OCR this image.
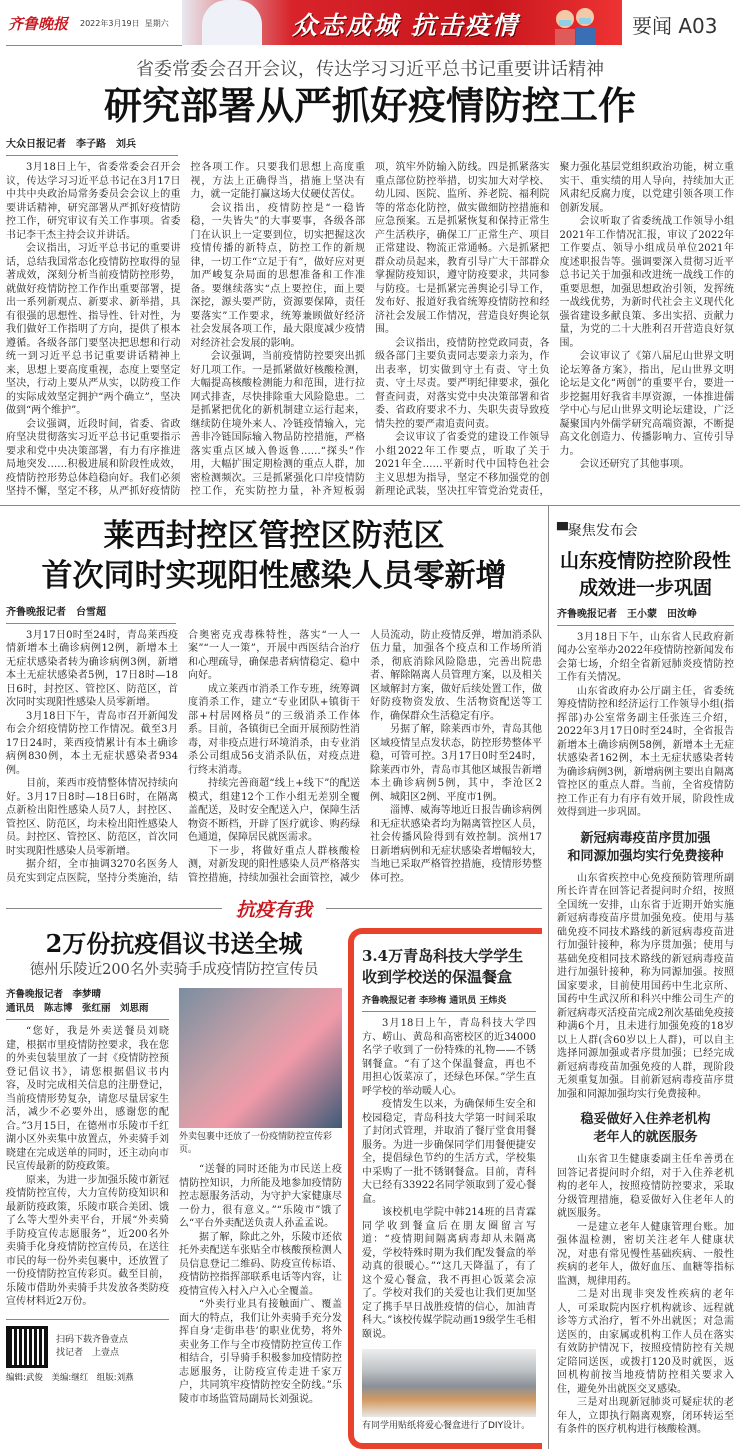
齐鲁晚报 2022年3月19日 星期六	众志成城 抗击疫情	要闻 A03
省委常委会召开会议，传达学习习近平总书记重要讲话精神
研究部署从严抓好疫情防控工作
大众日报记者　李子路　刘兵

3月18日上午，省委常委会召开会议，传达学习习近平总书记在3月17日中共中央政治局常务委员会会议上的重要讲话精神，研究部署从严抓好疫情防控工作，研究审议有关工作事项。省委书记李干杰主持会议并讲话。

会议指出，习近平总书记的重要讲话，总结我国常态化疫情防控取得的显著成效，深刻分析当前疫情防控形势，就做好疫情防控工作作出重要部署，提出一系列新观点、新要求、新举措，具有很强的思想性、指导性、针对性，为我们做好工作指明了方向，提供了根本遵循。各级各部门要坚决把思想和行动统一到习近平总书记重要讲话精神上来，思想上要高度重视，态度上要坚定坚决，行动上要从严从实，以防疫工作的实际成效坚定拥护“两个确立”，坚决做到“两个维护”。

会议强调，近段时间，省委、省政府坚决贯彻落实习近平总书记重要指示要求和党中央决策部署，有力有序推进局地突发……积极进展和阶段性成效，疫情防控形势总体趋稳向好。我们必须坚持不懈，坚定不移，从严抓好疫情防控各项工作。只要我们思想上高度重视，方法上正确得当，措施上坚决有力，就一定能打赢这场大仗硬仗苦仗。

会议指出，疫情防控是“一稳皆稳，一失皆失”的大事要事，各级各部门在认识上一定要到位，切实把握这次疫情传播的新特点，防控工作的新规律，一切工作“立足于有”，做好应对更加严峻复杂局面的思想准备和工作准备。要继续落实“点上要控住，面上要深挖，源头要严防，资源要保障，责任要落实”工作要求，统筹兼顾做好经济社会发展各项工作，最大限度减少疫情对经济社会发展的影响。

会议强调，当前疫情防控要突出抓好几项工作。一是抓紧做好核酸检测，大幅提高核酸检测能力和范围，进行拉网式排查，尽快排除重大风险隐患。二是抓紧把优化的新机制建立运行起来，继续防住境外来人、冷链疫情输入，完善非冷链国际输入物品防控措施，严格落实重点区域入鲁返鲁……“探头”作用，大幅扩围定期检测的重点人群，加密检测频次。三是抓紧强化口岸疫情防控工作，充实防控力量，补齐短板弱项，筑牢外防输入防线。四是抓紧落实重点部位防控举措，切实加大对学校、幼儿园、医院、监所、养老院、福利院等的常态化防控，做实做细防控措施和应急预案。五是抓紧恢复和保持正常生产生活秩序，确保工厂正常生产、项目正常建设、物流正常通畅。六是抓紧把群众动员起来，教育引导广大干部群众掌握防疫知识，遵守防疫要求，共同参与防疫。七是抓紧完善舆论引导工作，发布好、报道好我省统筹疫情防控和经济社会发展工作情况，营造良好舆论氛围。

会议指出，疫情防控党政同责，各级各部门主要负责同志要亲力亲为，作出表率，切实做到守土有责、守土负责、守土尽责。要严明纪律要求，强化督查问责，对落实党中央决策部署和省委、省政府要求不力、失职失责导致疫情失控的要严肃追责问责。

会议审议了省委党的建设工作领导小组2022年工作要点，听取了关于2021年全……平新时代中国特色社会主义思想为指导，坚定不移加强党的创新理论武装，坚决扛牢管党治党责任，聚力强化基层党组织政治功能，树立重实干、重实绩的用人导向，持续加大正风肃纪反腐力度，以党建引领各项工作创新发展。

会议听取了省委统战工作领导小组2021年工作情况汇报，审议了2022年工作要点、领导小组成员单位2021年度述职报告等。强调要深入贯彻习近平总书记关于加强和改进统一战线工作的重要思想，加强思想政治引领，发挥统一战线优势，为新时代社会主义现代化强省建设多献良策、多出实招、贡献力量，为党的二十大胜利召开营造良好氛围。

会议审议了《第八届尼山世界文明论坛筹备方案》，指出，尼山世界文明论坛是文化“两创”的重要平台，要进一步挖掘用好我省丰厚资源，一体推进儒学中心与尼山世界文明论坛建设，广泛凝聚国内外儒学研究高端资源，不断提高文化创造力、传播影响力、宣传引导力。

会议还研究了其他事项。

莱西封控区管控区防范区
首次同时实现阳性感染人员零新增
齐鲁晚报记者　台雪超

3月17日0时至24时，青岛莱西疫情新增本土确诊病例12例，新增本土无症状感染者转为确诊病例3例，新增本土无症状感染者5例，17日8时—18日6时，封控区、管控区、防范区，首次同时实现阳性感染人员零新增。

3月18日下午，青岛市召开新闻发布会介绍疫情防控工作情况。截至3月17日24时，莱西疫情累计有本土确诊病例830例，本土无症状感染者934例。

目前，莱西市疫情整体情况持续向好。3月17日8时—18日6时，在隔离点新检出阳性感染人员7人，封控区、管控区、防范区，均未检出阳性感染人员。封控区、管控区、防范区，首次同时实现阳性感染人员零新增。

据介绍，全市抽调3270名医务人员充实到定点医院，坚持分类施治，结合奥密克戎毒株特性，落实“一人一案”“一人一策”，开展中西医结合治疗和心理疏导，确保患者病情稳定、稳中向好。

成立莱西市消杀工作专班，统筹调度消杀工作，建立“专业团队+镇街干部+村居网格员”的三级消杀工作体系。目前，各镇街已全面开展预防性消毒，对非疫点进行环境消杀，由专业消杀公司组成56支消杀队伍，对疫点进行终末消毒。

持续完善商超“线上+线下”的配送模式，组建12个工作小组无差别全覆盖配送，及时安全配送入户，保障生活物资不断档，开辟了医疗就诊、购药绿色通道，保障居民就医需求。

下一步，将做好重点人群核酸检测，对新发现的阳性感染人员严格落实管控措施，持续加强社会面管控，减少人员流动，防止疫情反弹，增加消杀队伍力量，加强各个疫点和工作场所消杀，彻底消除风险隐患，完善出院患者、解除隔离人员管理方案，以及相关区域解封方案，做好后续处置工作，做好防疫物资发放、生活物资配送等工作，确保群众生活稳定有序。

另据了解，除莱西市外，青岛其他区域疫情呈点发状态，防控形势整体平稳，可管可控。3月17日0时至24时，除莱西市外，青岛市其他区域报告新增本土确诊病例5例，其中，李沧区2例、城阳区2例、平度市1例。

淄博、威海等地近日报告确诊病例和无症状感染者均为隔离管控区人员，社会传播风险得到有效控制。滨州17日新增病例和无症状感染者增幅较大，当地已采取严格管控措施，疫情形势整体可控。

抗疫有我
2万份抗疫倡议书送全城
德州乐陵近200名外卖骑手成疫情防控宣传员
齐鲁晚报记者　李梦晴
通讯员　陈志博　张红丽　刘思雨

“您好，我是外卖送餐员刘晓建，根据市里疫情防控要求，我在您的外卖包装里放了一封《疫情防控预登记倡议书》，请您根据倡议书内容，及时完成相关信息的注册登记，当前疫情形势复杂，请您尽量居家生活，减少不必要外出，感谢您的配合。”3月15日，在德州市乐陵市千红湖小区外卖集中放置点，外卖骑手刘晓建在完成送单的同时，还主动向市民宣传最新的防疫政策。

原来，为进一步加强乐陵市新冠疫情防控宣传，大力宣传防疫知识和最新防疫政策，乐陵市联合美团、饿了么等大型外卖平台，开展“外卖骑手防疫宣传志愿服务”，近200名外卖骑手化身疫情防控宣传员，在送往市民的每一份外卖包裹中，还放置了一份疫情防控宣传彩页。截至目前，乐陵市借助外卖骑手共发放各类防疫宣传材料近2万份。

扫码下载齐鲁壹点
找记者　上壹点
编辑:武俊　美编:继红　组版:刘燕
外卖包裹中还放了一份疫情防控宣传彩页。

“送餐的同时还能为市民送上疫情防控知识，力所能及地参加疫情防控志愿服务活动，为守护大家健康尽一份力，很有意义。”“乐陵市”饿了么“平台外卖配送负责人孙孟孟说。

据了解，除此之外，乐陵市还依托外卖配送车张贴全市核酸预检测人员信息登记二维码、防疫宣传标语、疫情防控指挥部联系电话等内容，让疫情宣传入村入户入心全覆盖。

“外卖行业具有接触面广、覆盖面大的特点，我们让外卖骑手充分发挥自身‘走街串巷’的职业优势，将外卖业务工作与全市疫情防控宣传工作相结合，引导骑手积极参加疫情防控志愿服务，让防疫宣传走进千家万户，共同筑牢疫情防控安全防线。”乐陵市市场监管局副局长刘强说。

3.4万青岛科技大学学生
收到学校送的保温餐盒
齐鲁晚报记者 李珍梅 通讯员 王炜炎

3月18日上午，青岛科技大学四方、崂山、黄岛和高密校区的近34000名学子收到了一份特殊的礼物——不锈钢餐盒。“有了这个保温餐盒，再也不用担心饭菜凉了，还绿色环保。”学生直呼学校的举动暖人心。

疫情发生以来，为确保师生安全和校园稳定，青岛科技大学第一时间采取了封闭式管理，并取消了餐厅堂食用餐服务。为进一步确保同学们用餐便捷安全，提倡绿色节约的生活方式，学校集中采购了一批不锈钢餐盒。目前，青科大已经有33922名同学领取到了爱心餐盒。

该校机电学院中韩214班的吕青霖同学收到餐盒后在朋友圈留言写道：“疫情期间隔离病毒却从未隔离爱，学校特殊时期为我们配发餐盒的举动真的很暖心。”“这几天降温了，有了这个爱心餐盒，我不再担心饭菜会凉了。学校对我们的关爱也让我们更加坚定了携手早日战胜疫情的信心，加油青科大。”该校传媒学院动画19级学生毛相颐说。

有同学用贴纸将爱心餐盒进行了DIY设计。
▀聚焦发布会
山东疫情防控阶段性
成效进一步巩固
齐鲁晚报记者　王小蒙　田汝峥

3月18日下午，山东省人民政府新闻办公室举办2022年疫情防控新闻发布会第七场，介绍全省新冠肺炎疫情防控工作有关情况。

山东省政府办公厅副主任，省委统筹疫情防控和经济运行工作领导小组(指挥部)办公室常务副主任张连三介绍，2022年3月17日0时至24时，全省报告新增本土确诊病例58例，新增本土无症状感染者162例，本土无症状感染者转为确诊病例3例，新增病例主要出自隔离管控区的重点人群。当前，全省疫情防控工作正有力有序有效开展，阶段性成效得到进一步巩固。

新冠病毒疫苗序贯加强
和同源加强均实行免费接种

山东省疾控中心免疫预防管理所副所长许青在回答记者提问时介绍，按照全国统一安排，山东省于近期开始实施新冠病毒疫苗序贯加强免疫。使用与基础免疫不同技术路线的新冠病毒疫苗进行加强针接种，称为序贯加强；使用与基础免疫相同技术路线的新冠病毒疫苗进行加强针接种，称为同源加强。按照国家要求，目前使用国药中生北京所、国药中生武汉所和科兴中维公司生产的新冠病毒灭活疫苗完成2剂次基础免疫接种满6个月，且未进行加强免疫的18岁以上人群(含60岁以上人群)，可以自主选择同源加强或者序贯加强；已经完成新冠病毒疫苗加强免疫的人群，现阶段无须重复加强。目前新冠病毒疫苗序贯加强和同源加强均实行免费接种。

稳妥做好入住养老机构
老年人的就医服务

山东省卫生健康委副主任牟善勇在回答记者提问时介绍，对于入住养老机构的老年人，按照疫情防控要求，采取分级管理措施，稳妥做好入住老年人的就医服务。

一是建立老年人健康管理台账。加强体温检测，密切关注老年人健康状况，对患有常见慢性基础疾病、一般性疾病的老年人，做好血压、血糖等指标监测，规律用药。

二是对出现非突发性疾病的老年人，可采取院内医疗机构就诊、远程就诊等方式治疗，暂不外出就医；对急需送医的，由家属或机构工作人员在落实有效防护情况下，按照疫情防控有关规定陪同送医，或拨打120及时就医，返回机构前按当地疫情防控相关要求入住，避免外出就医交叉感染。

三是对出现新冠肺炎可疑症状的老年人，立即执行隔离观察，闭环转运至有条件的医疗机构进行核酸检测。
